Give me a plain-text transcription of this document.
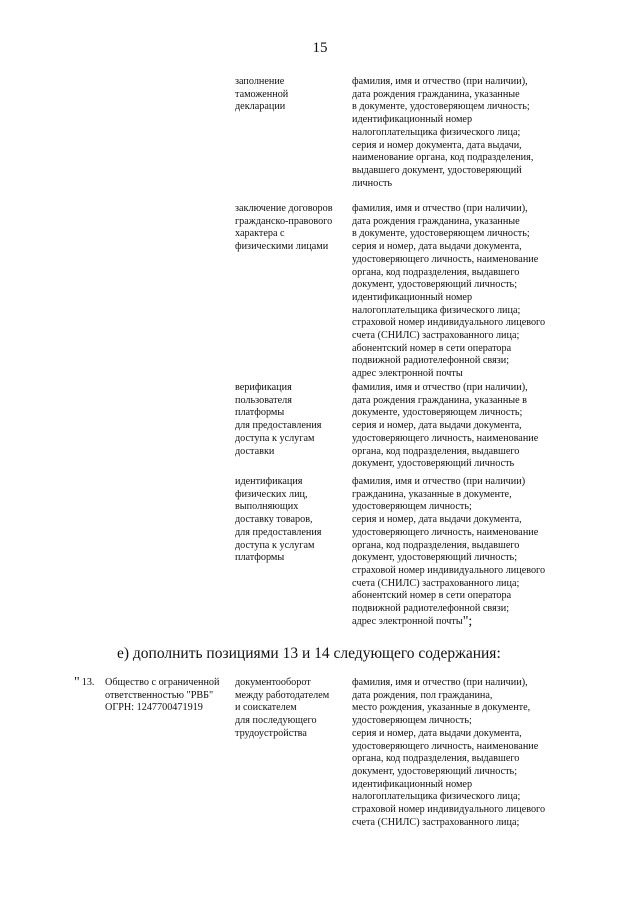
15
заполнение
таможенной
декларации
фамилия, имя и отчество (при наличии),
дата рождения гражданина, указанные
в документе, удостоверяющем личность;
идентификационный номер
налогоплательщика физического лица;
серия и номер документа, дата выдачи,
наименование органа, код подразделения,
выдавшего документ, удостоверяющий
личность
заключение договоров
гражданско-правового
характера с
физическими лицами
фамилия, имя и отчество (при наличии),
дата рождения гражданина, указанные
в документе, удостоверяющем личность;
серия и номер, дата выдачи документа,
удостоверяющего личность, наименование
органа, код подразделения, выдавшего
документ, удостоверяющий личность;
идентификационный номер
налогоплательщика физического лица;
страховой номер индивидуального лицевого
счета (СНИЛС) застрахованного лица;
абонентский номер в сети оператора
подвижной радиотелефонной связи;
адрес электронной почты
верификация
пользователя
платформы
для предоставления
доступа к услугам
доставки
фамилия, имя и отчество (при наличии),
дата рождения гражданина, указанные в
документе, удостоверяющем личность;
серия и номер, дата выдачи документа,
удостоверяющего личность, наименование
органа, код подразделения, выдавшего
документ, удостоверяющий личность
идентификация
физических лиц,
выполняющих
доставку товаров,
для предоставления
доступа к услугам
платформы
фамилия, имя и отчество (при наличии)
гражданина, указанные в документе,
удостоверяющем личность;
серия и номер, дата выдачи документа,
удостоверяющего личность, наименование
органа, код подразделения, выдавшего
документ, удостоверяющий личность;
страховой номер индивидуального лицевого
счета (СНИЛС) застрахованного лица;
абонентский номер в сети оператора
подвижной радиотелефонной связи;
адрес электронной почты";
е) дополнить позициями 13 и 14 следующего содержания:
" 13. Общество с ограниченной
ответственностью "РВБ"
ОГРН: 1247700471919
документооборот
между работодателем
и соискателем
для последующего
трудоустройства
фамилия, имя и отчество (при наличии),
дата рождения, пол гражданина,
место рождения, указанные в документе,
удостоверяющем личность;
серия и номер, дата выдачи документа,
удостоверяющего личность, наименование
органа, код подразделения, выдавшего
документ, удостоверяющий личность;
идентификационный номер
налогоплательщика физического лица;
страховой номер индивидуального лицевого
счета (СНИЛС) застрахованного лица;
